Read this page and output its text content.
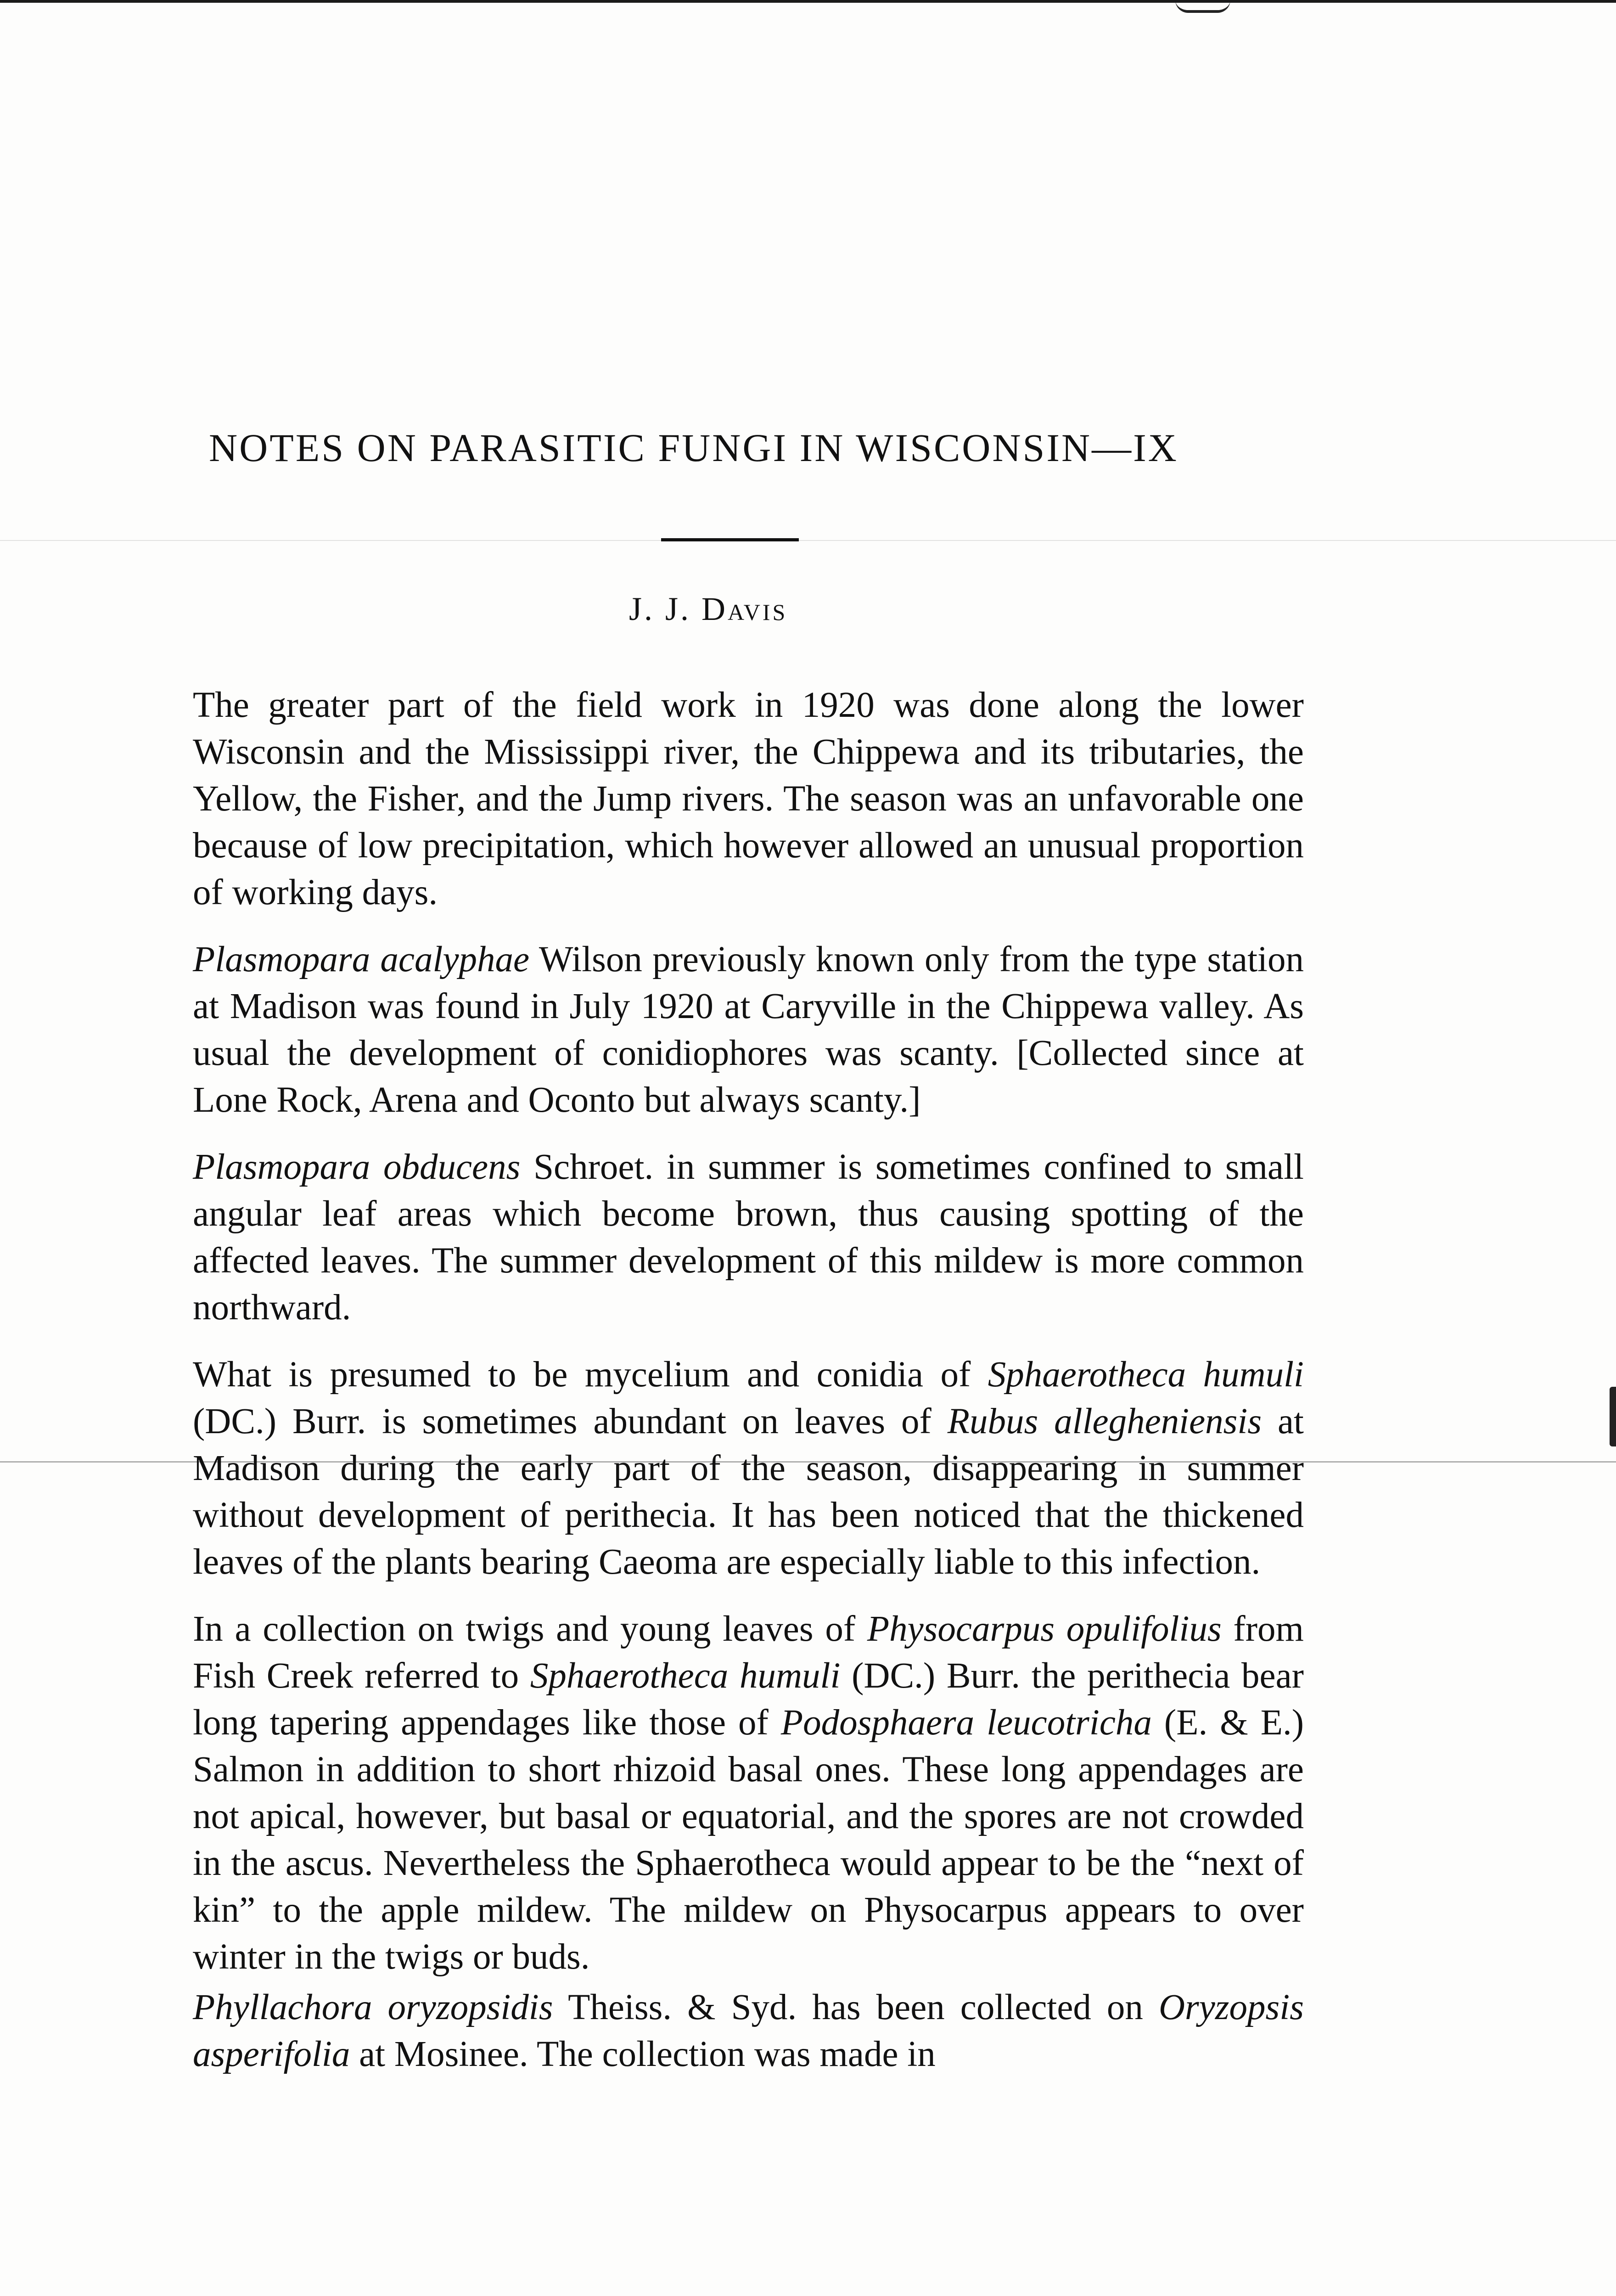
NOTES ON PARASITIC FUNGI IN WISCONSIN—IX
J. J. Davis

The greater part of the field work in 1920 was done along the lower Wisconsin and the Mississippi river, the Chippewa and its tributaries, the Yellow, the Fisher, and the Jump rivers. The season was an unfavorable one because of low precipitation, which however allowed an unusual proportion of working days.

Plasmopara acalyphae Wilson previously known only from the type station at Madison was found in July 1920 at Caryville in the Chippewa valley. As usual the development of conidiophores was scanty. [Collected since at Lone Rock, Arena and Oconto but always scanty.]

Plasmopara obducens Schroet. in summer is sometimes confined to small angular leaf areas which become brown, thus causing spotting of the affected leaves. The summer development of this mildew is more common northward.

What is presumed to be mycelium and conidia of Sphaerotheca humuli (DC.) Burr. is sometimes abundant on leaves of Rubus allegheniensis at Madison during the early part of the season, disappearing in summer without development of perithecia. It has been noticed that the thickened leaves of the plants bearing Caeoma are especially liable to this infection.

In a collection on twigs and young leaves of Physocarpus opulifolius from Fish Creek referred to Sphaerotheca humuli (DC.) Burr. the perithecia bear long tapering appendages like those of Podosphaera leucotricha (E. & E.) Salmon in addition to short rhizoid basal ones. These long appendages are not apical, however, but basal or equatorial, and the spores are not crowded in the ascus. Nevertheless the Sphaerotheca would appear to be the “next of kin” to the apple mildew. The mildew on Physocarpus appears to over winter in the twigs or buds.

Phyllachora oryzopsidis Theiss. & Syd. has been collected on Oryzopsis asperifolia at Mosinee. The collection was made in
